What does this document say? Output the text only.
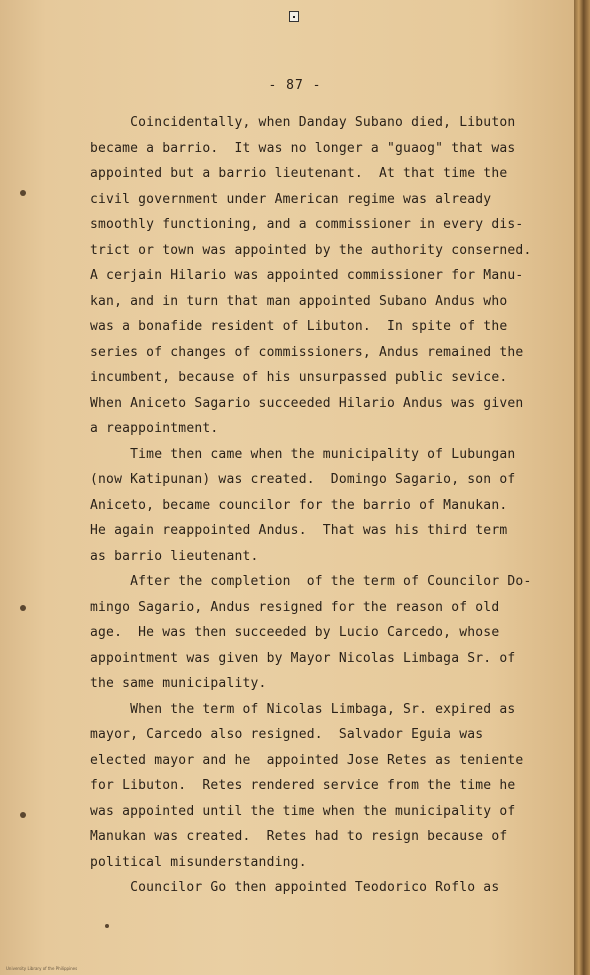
- 87 -
Coincidentally, when Danday Subano died, Libuton
became a barrio.  It was no longer a "guaog" that was
appointed but a barrio lieutenant.  At that time the
civil government under American regime was already
smoothly functioning, and a commissioner in every dis-
trict or town was appointed by the authority conserned.
A cerjain Hilario was appointed commissioner for Manu-
kan, and in turn that man appointed Subano Andus who
was a bonafide resident of Libuton.  In spite of the
series of changes of commissioners, Andus remained the
incumbent, because of his unsurpassed public sevice.
When Aniceto Sagario succeeded Hilario Andus was given
a reappointment.
Time then came when the municipality of Lubungan
(now Katipunan) was created.  Domingo Sagario, son of
Aniceto, became councilor for the barrio of Manukan.
He again reappointed Andus.  That was his third term
as barrio lieutenant.
After the completion  of the term of Councilor Do-
mingo Sagario, Andus resigned for the reason of old
age.  He was then succeeded by Lucio Carcedo, whose
appointment was given by Mayor Nicolas Limbaga Sr. of
the same municipality.
When the term of Nicolas Limbaga, Sr. expired as
mayor, Carcedo also resigned.  Salvador Eguia was
elected mayor and he  appointed Jose Retes as teniente
for Libuton.  Retes rendered service from the time he
was appointed until the time when the municipality of
Manukan was created.  Retes had to resign because of
political misunderstanding.
Councilor Go then appointed Teodorico Roflo as
University Library of the Philippines
